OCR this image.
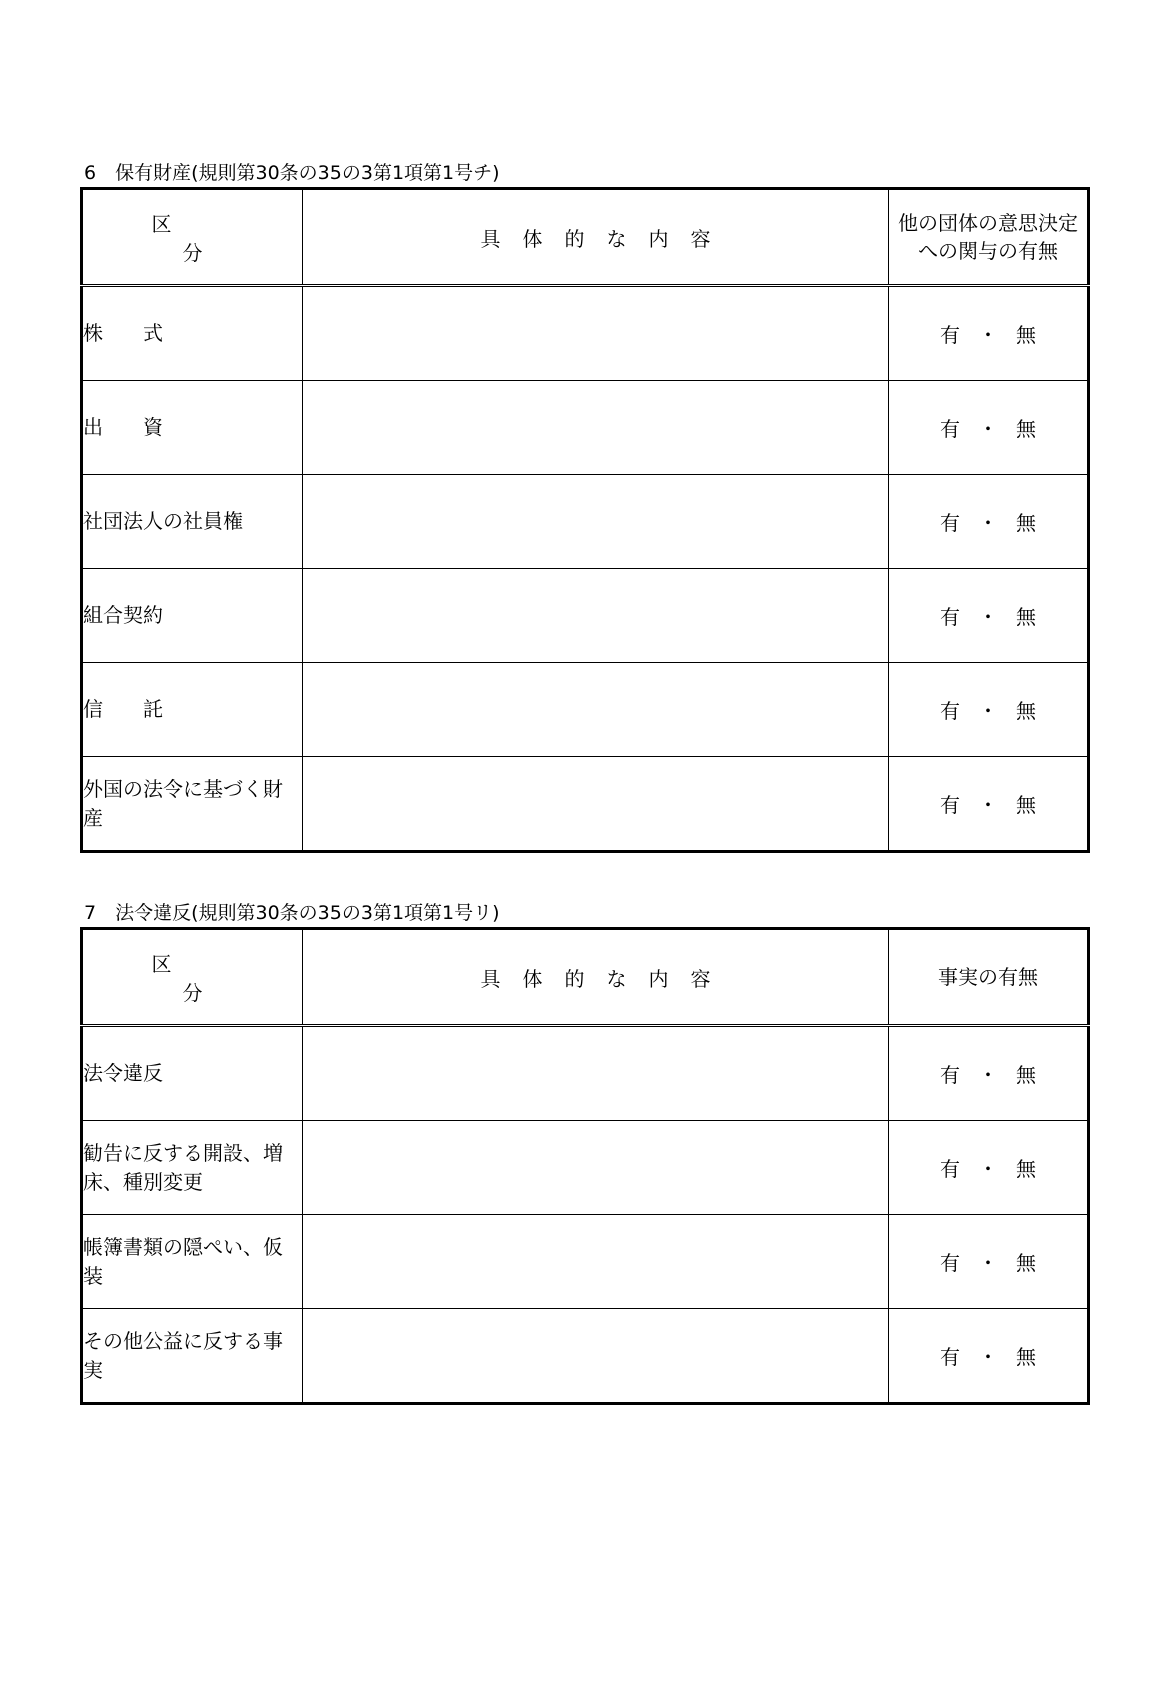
6　保有財産(規則第30条の35の3第1項第1号チ)
区　分	具体的な内容	他の団体の意思決定への関与の有無
株　　式		有・無
出　　資		有・無
社団法人の社員権		有・無
組合契約		有・無
信　　託		有・無
外国の法令に基づく財産		有・無
7　法令違反(規則第30条の35の3第1項第1号リ)
区　分	具体的な内容	事実の有無
法令違反		有・無
勧告に反する開設、増床、種別変更		有・無
帳簿書類の隠ぺい、仮装		有・無
その他公益に反する事実		有・無
